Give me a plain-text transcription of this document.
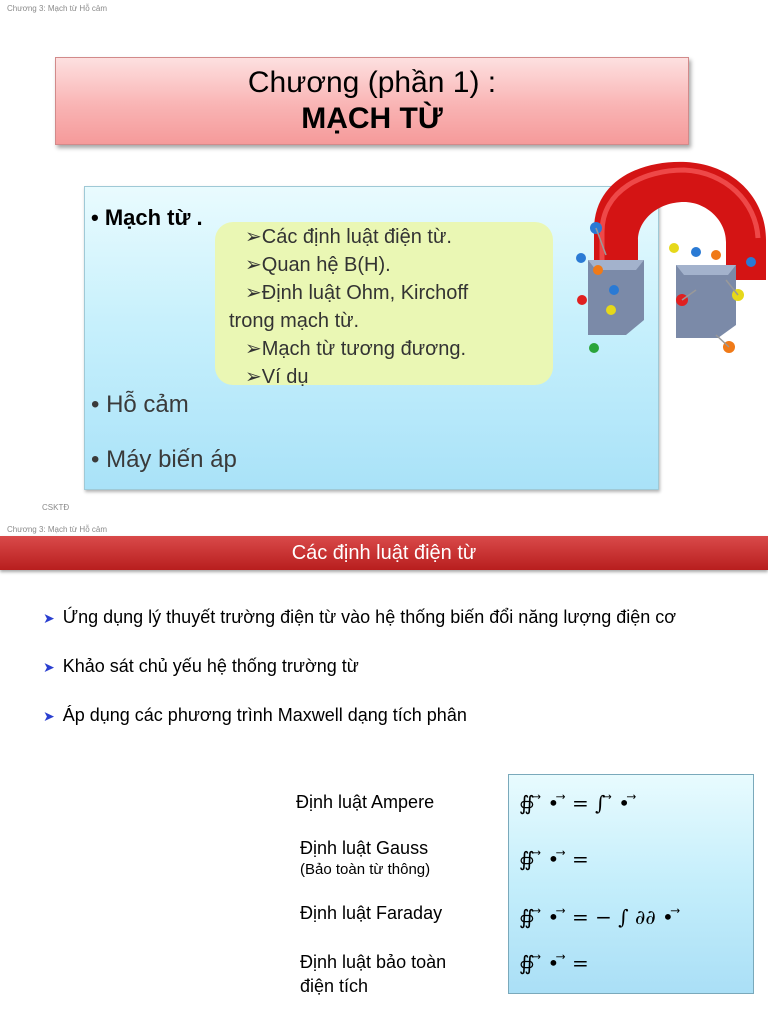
Chương 3: Mạch từ Hỗ cảm
Chương (phần 1) :
MẠCH TỪ
• Mạch từ .
• Hỗ cảm
• Máy biến áp
➢Các định luật điện từ.
➢Quan hệ B(H).
➢Định luật Ohm, Kirchoff
trong mạch từ.
➢Mạch từ tương đương.
➢Ví dụ
CSKTĐ
Chương 3: Mạch từ Hỗ cảm
Các định luật điện từ
➤ Ứng dụng lý thuyết trường điện từ vào hệ thống biến đổi năng lượng điện cơ
➤ Khảo sát chủ yếu hệ thống trường từ
➤ Áp dụng các phương trình Maxwell dạng tích phân
Định luật Ampere
Định luật Gauss
(Bảo toàn từ thông)
Định luật Faraday
Định luật bảo toàn
điện tích
∯ ⃗ • ⃗ = ∫ ⃗ • ⃗
∯ ⃗ • ⃗ =
∯ ⃗ • ⃗ = − ∫ ∂∂ • ⃗
∯ ⃗ • ⃗ =
